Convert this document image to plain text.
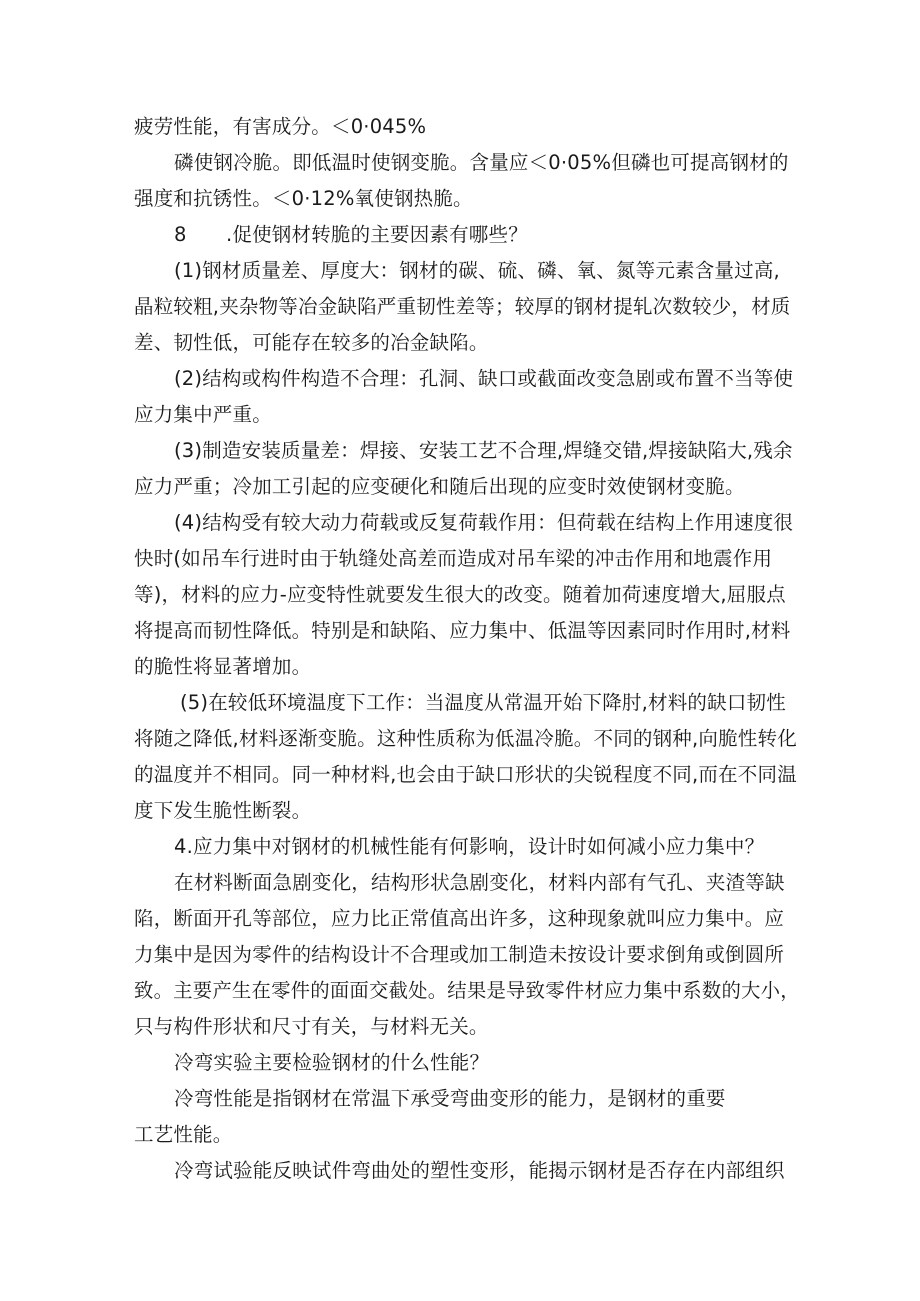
疲劳性能，有害成分。＜0·045%
磷使钢冷脆。即低温时使钢变脆。含量应＜0·05%但磷也可提高钢材的
强度和抗锈性。＜0·12%氧使钢热脆。
8　　.促使钢材转脆的主要因素有哪些？
(1)钢材质量差、厚度大：钢材的碳、硫、磷、氧、氮等元素含量过高,
晶粒较粗,夹杂物等冶金缺陷严重韧性差等；较厚的钢材提轧次数较少，材质
差、韧性低，可能存在较多的冶金缺陷。
(2)结构或构件构造不合理：孔洞、缺口或截面改变急剧或布置不当等使
应力集中严重。
(3)制造安装质量差：焊接、安装工艺不合理,焊缝交错,焊接缺陷大,残余
应力严重；冷加工引起的应变硬化和随后出现的应变时效使钢材变脆。
(4)结构受有较大动力荷载或反复荷载作用：但荷载在结构上作用速度很
快时(如吊车行进时由于轨缝处高差而造成对吊车梁的冲击作用和地震作用
等)，材料的应力-应变特性就要发生很大的改变。随着加荷速度增大,屈服点
将提高而韧性降低。特别是和缺陷、应力集中、低温等因素同时作用时,材料
的脆性将显著增加。
(5)在较低环境温度下工作：当温度从常温开始下降肘,材料的缺口韧性
将随之降低,材料逐渐变脆。这种性质称为低温冷脆。不同的钢种,向脆性转化
的温度并不相同。同一种材料,也会由于缺口形状的尖锐程度不同,而在不同温
度下发生脆性断裂。
4.应力集中对钢材的机械性能有何影响，设计时如何减小应力集中？
在材料断面急剧变化，结构形状急剧变化，材料内部有气孔、夹渣等缺
陷，断面开孔等部位，应力比正常值高出许多，这种现象就叫应力集中。应
力集中是因为零件的结构设计不合理或加工制造未按设计要求倒角或倒圆所
致。主要产生在零件的面面交截处。结果是导致零件材应力集中系数的大小，
只与构件形状和尺寸有关，与材料无关。
冷弯实验主要检验钢材的什么性能？
冷弯性能是指钢材在常温下承受弯曲变形的能力，是钢材的重要
工艺性能。
冷弯试验能反映试件弯曲处的塑性变形，能揭示钢材是否存在内部组织
